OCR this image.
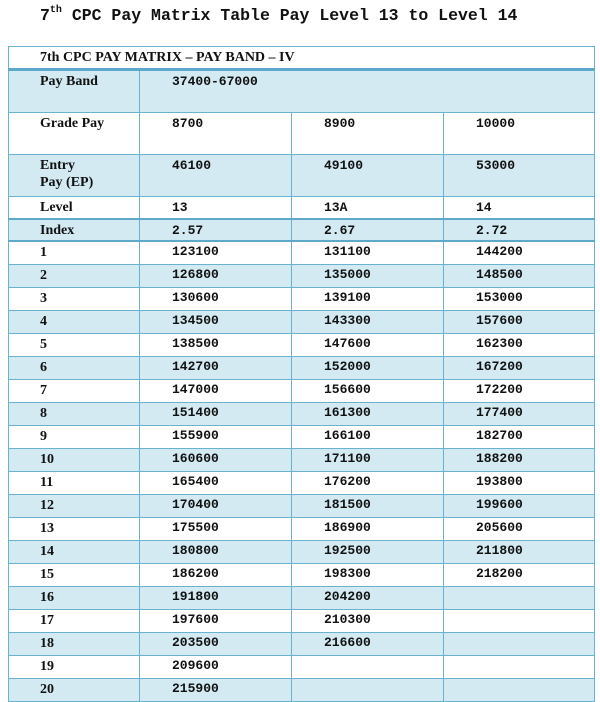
7th CPC Pay Matrix Table Pay Level 13 to Level 14
7th CPC PAY MATRIX – PAY BAND – IV			
Pay Band	37400-67000		
Grade Pay	8700	8900	10000
Entry Pay (EP)	46100	49100	53000
Level	13	13A	14
Index	2.57	2.67	2.72
1	123100	131100	144200
2	126800	135000	148500
3	130600	139100	153000
4	134500	143300	157600
5	138500	147600	162300
6	142700	152000	167200
7	147000	156600	172200
8	151400	161300	177400
9	155900	166100	182700
10	160600	171100	188200
11	165400	176200	193800
12	170400	181500	199600
13	175500	186900	205600
14	180800	192500	211800
15	186200	198300	218200
16	191800	204200	
17	197600	210300	
18	203500	216600	
19	209600		
20	215900		
